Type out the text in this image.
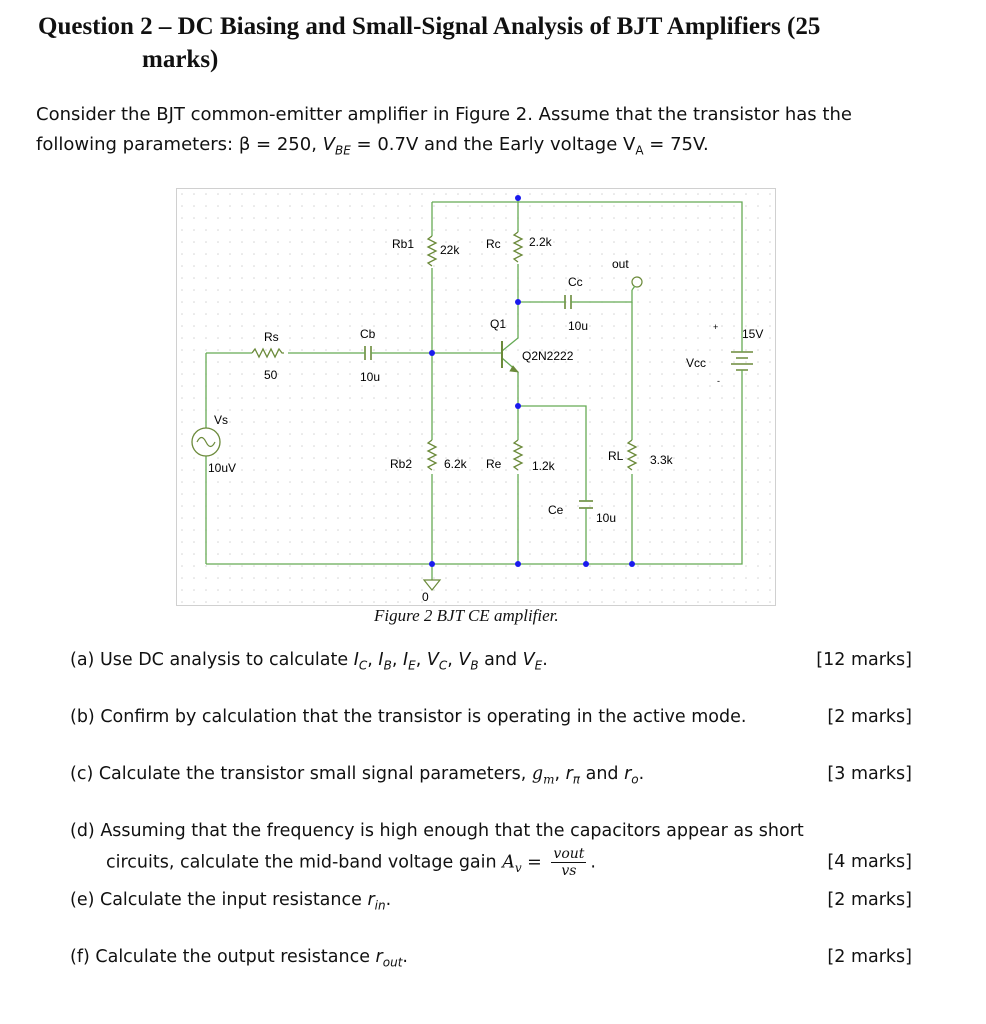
Question 2 – DC Biasing and Small-Signal Analysis of BJT Amplifiers (25
marks)
Consider the BJT common-emitter amplifier in Figure 2. Assume that the transistor has the
following parameters: β = 250, $V_{BE} = 0.7V$ and the Early voltage $V_A = 75V$.
Rb1 22k Rc 2.2k
out
Cc
10u
Q1
Q2N2222
Rs
50
Cb
10u
Vcc
15V
+
-
Vs
10uV	Rb2	6.2k Re	1.2k
RL 3.3k
Ce
10u
0
Figure 2 BJT CE amplifier.
(a) Use DC analysis to calculate $I_C$, $I_B$, $I_E$, $V_C$, $V_B$ and $V_E$.	[12 marks]
(b) Confirm by calculation that the transistor is operating in the active mode.	[2 marks]
(c) Calculate the transistor small signal parameters, $g_m$, $r_\pi$ and $r_o$.	[3 marks]
(d) Assuming that the frequency is high enough that the capacitors appear as short
circuits, calculate the mid-band voltage gain $A_v = \frac{\text{vout}}{vs}$ .	[4 marks]
(e) Calculate the input resistance $r_{in}$.	[2 marks]
(f) Calculate the output resistance $r_{out}$.	[2 marks]
